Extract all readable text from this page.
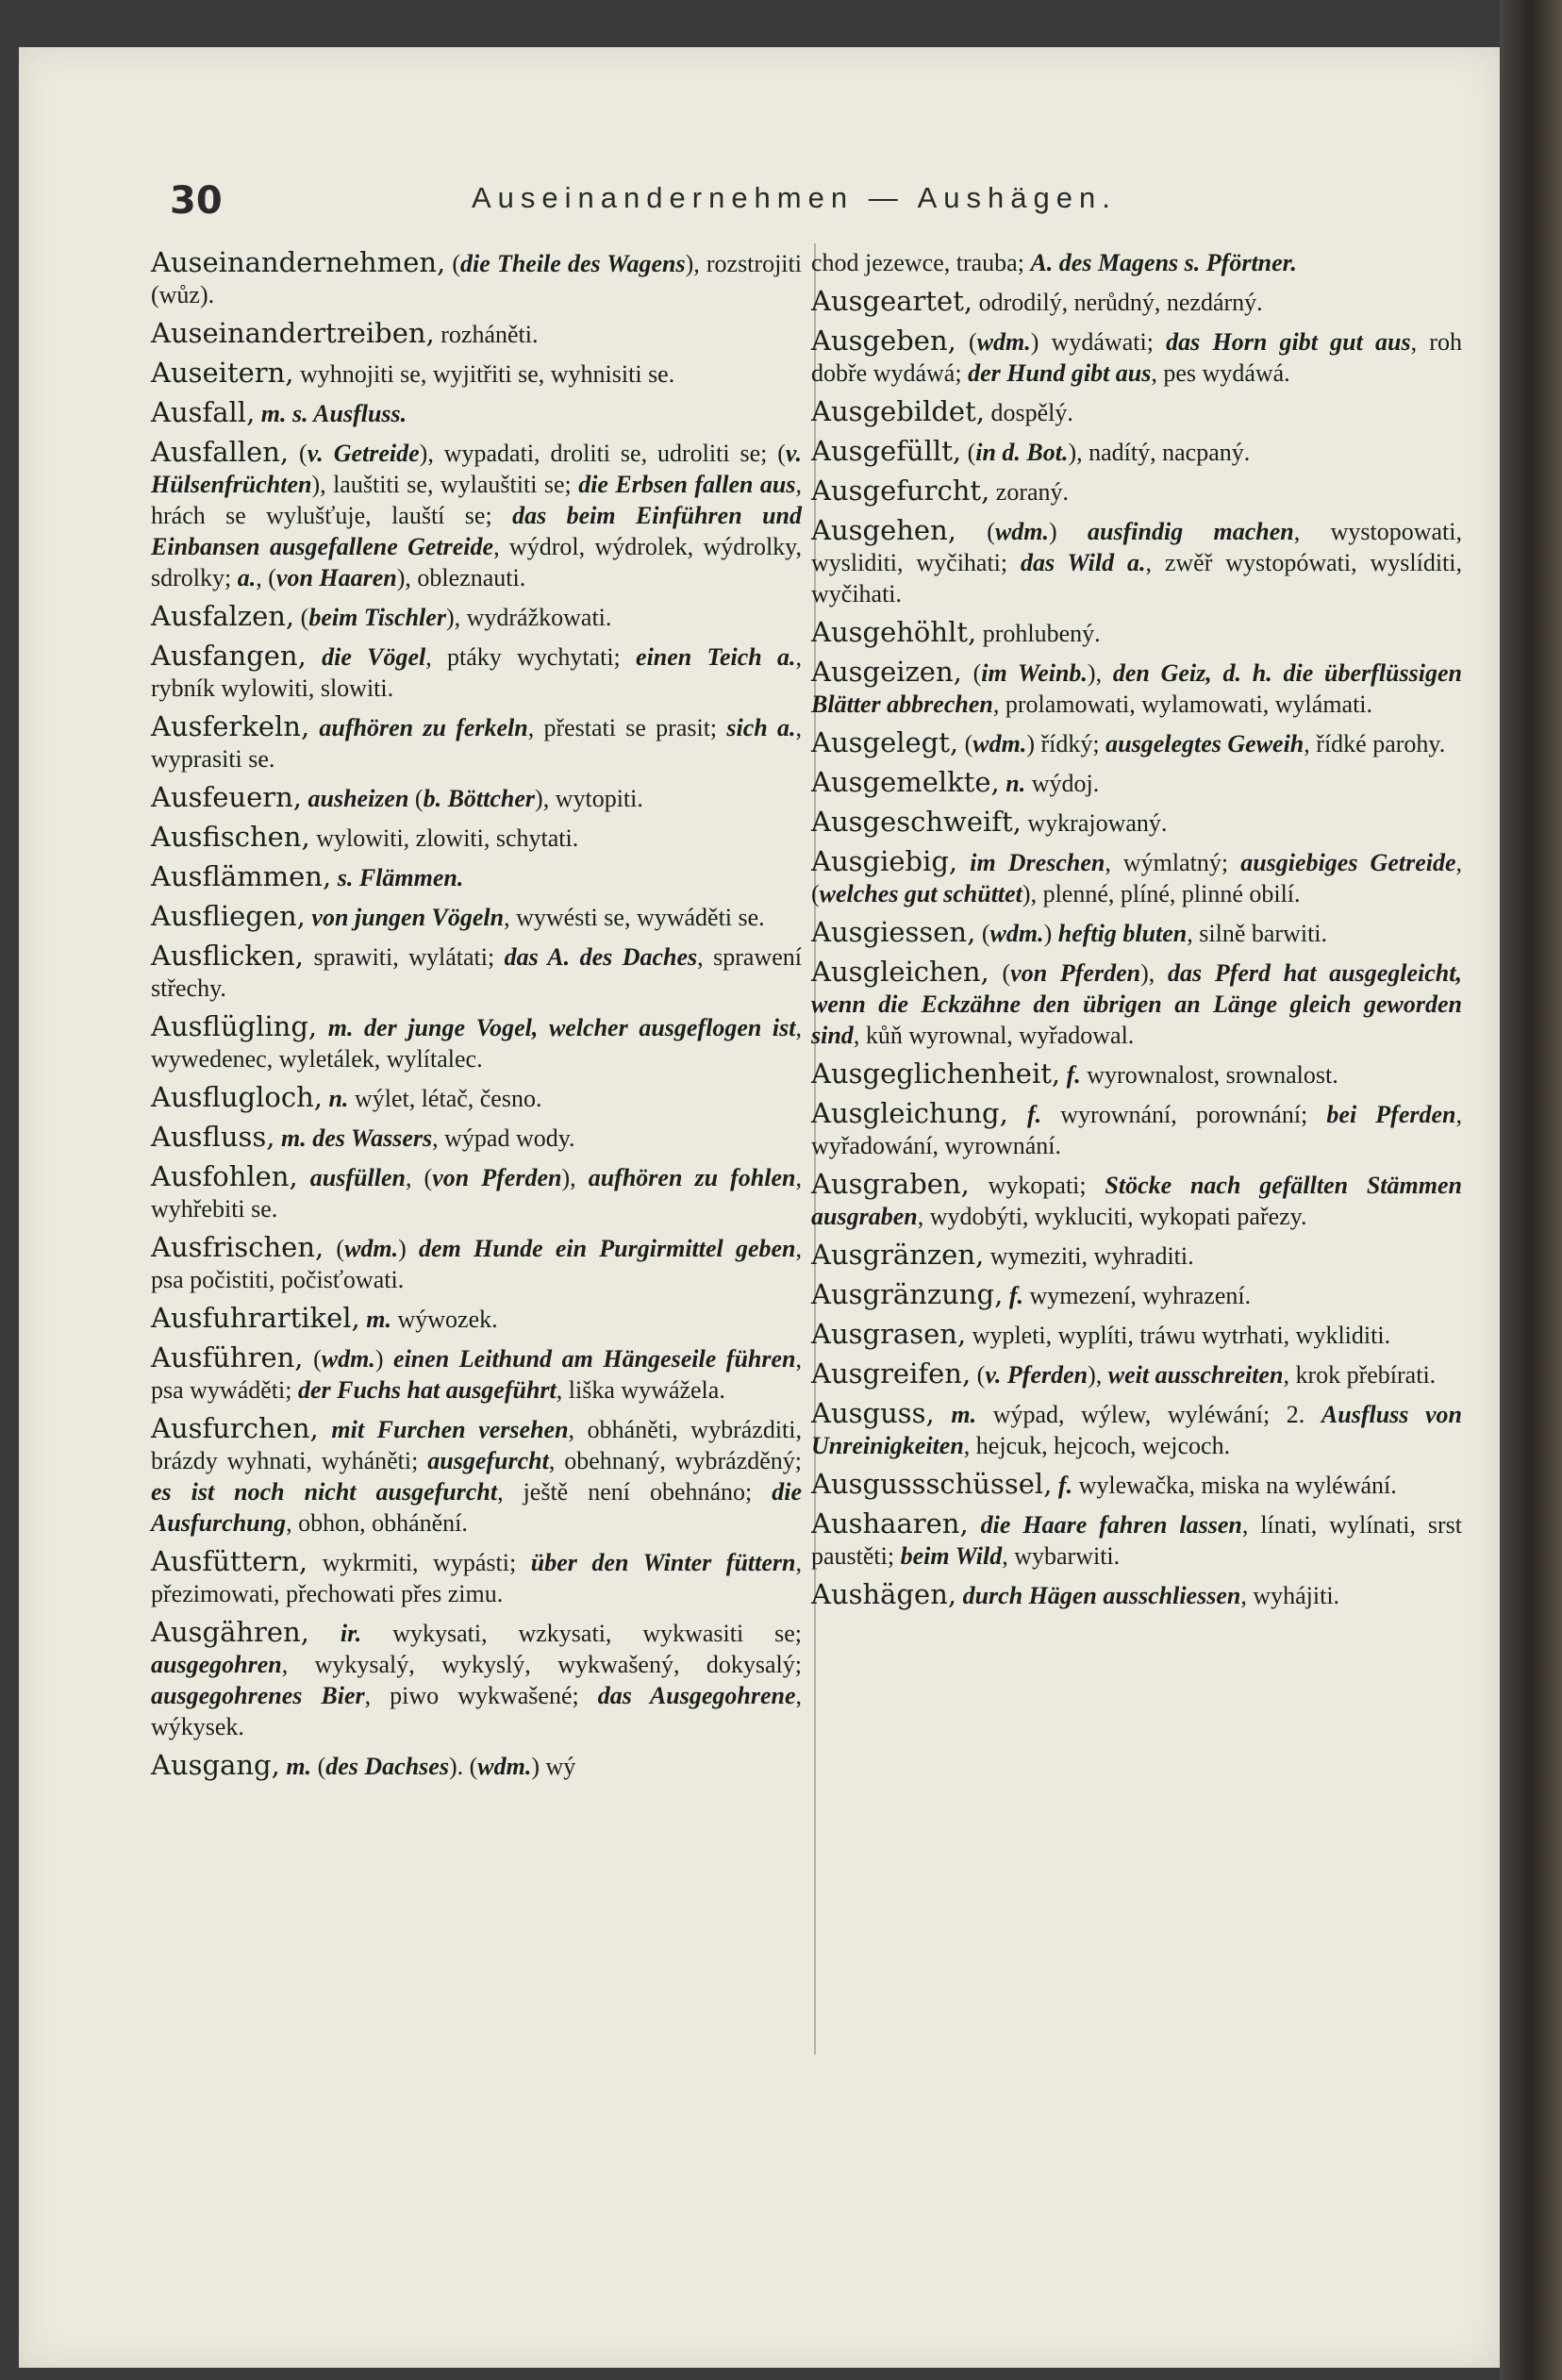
30	Auseinandernehmen — Aushägen.
Auseinandernehmen, (die Theile des Wagens), rozstrojiti (wůz).
Auseinandertreiben, rozháněti.
Auseitern, wyhnojiti se, wyjitřiti se, wyhnisiti se.
Ausfall, m. s. Ausfluss.
Ausfallen, (v. Getreide), wypadati, droliti se, udroliti se; (v. Hülsenfrüchten), lauštiti se, wylauštiti se; die Erbsen fallen aus, hrách se wylušťuje, lauští se; das beim Einführen und Einbansen ausgefallene Getreide, wýdrol, wýdrolek, wýdrolky, sdrolky; a., (von Haaren), obleznauti.
Ausfalzen, (beim Tischler), wydrážkowati.
Ausfangen, die Vögel, ptáky wychytati; einen Teich a., rybník wylowiti, slowiti.
Ausferkeln, aufhören zu ferkeln, přestati se prasit; sich a., wyprasiti se.
Ausfeuern, ausheizen (b. Böttcher), wytopiti.
Ausfischen, wylowiti, zlowiti, schytati.
Ausflämmen, s. Flämmen.
Ausfliegen, von jungen Vögeln, wywésti se, wywáděti se.
Ausflicken, sprawiti, wylátati; das A. des Daches, sprawení střechy.
Ausflügling, m. der junge Vogel, welcher ausgeflogen ist, wywedenec, wyletálek, wylítalec.
Ausflugloch, n. wýlet, létač, česno.
Ausfluss, m. des Wassers, wýpad wody.
Ausfohlen, ausfüllen, (von Pferden), aufhören zu fohlen, wyhřebiti se.
Ausfrischen, (wdm.) dem Hunde ein Purgirmittel geben, psa počistiti, počisťowati.
Ausfuhrartikel, m. wýwozek.
Ausführen, (wdm.) einen Leithund am Hängeseile führen, psa wywáděti; der Fuchs hat ausgeführt, liška wywážela.
Ausfurchen, mit Furchen versehen, obháněti, wybrázditi, brázdy wyhnati, wyháněti; ausgefurcht, obehnaný, wybrázděný; es ist noch nicht ausgefurcht, ještě není obehnáno; die Ausfurchung, obhon, obhánění.
Ausfüttern, wykrmiti, wypásti; über den Winter füttern, přezimowati, přechowati přes zimu.
Ausgähren, ir. wykysati, wzkysati, wykwasiti se; ausgegohren, wykysalý, wykyslý, wykwašený, dokysalý; ausgegohrenes Bier, piwo wykwašené; das Ausgegohrene, wýkysek.
Ausgang, m. (des Dachses). (wdm.) wý
chod jezewce, trauba; A. des Magens s. Pförtner.
Ausgeartet, odrodilý, nerůdný, nezdárný.
Ausgeben, (wdm.) wydáwati; das Horn gibt gut aus, roh dobře wydáwá; der Hund gibt aus, pes wydáwá.
Ausgebildet, dospělý.
Ausgefüllt, (in d. Bot.), nadítý, nacpaný.
Ausgefurcht, zoraný.
Ausgehen, (wdm.) ausfindig machen, wystopowati, wysliditi, wyčihati; das Wild a., zwěř wystopówati, wyslíditi, wyčihati.
Ausgehöhlt, prohlubený.
Ausgeizen, (im Weinb.), den Geiz, d. h. die überflüssigen Blätter abbrechen, prolamowati, wylamowati, wylámati.
Ausgelegt, (wdm.) řídký; ausgelegtes Geweih, řídké parohy.
Ausgemelkte, n. wýdoj.
Ausgeschweift, wykrajowaný.
Ausgiebig, im Dreschen, wýmlatný; ausgiebiges Getreide, (welches gut schüttet), plenné, plíné, plinné obilí.
Ausgiessen, (wdm.) heftig bluten, silně barwiti.
Ausgleichen, (von Pferden), das Pferd hat ausgegleicht, wenn die Eckzähne den übrigen an Länge gleich geworden sind, kůň wyrownal, wyřadowal.
Ausgeglichenheit, f. wyrownalost, srownalost.
Ausgleichung, f. wyrownání, porownání; bei Pferden, wyřadowání, wyrownání.
Ausgraben, wykopati; Stöcke nach gefällten Stämmen ausgraben, wydobýti, wykluciti, wykopati pařezy.
Ausgränzen, wymeziti, wyhraditi.
Ausgränzung, f. wymezení, wyhrazení.
Ausgrasen, wypleti, wyplíti, tráwu wytrhati, wykliditi.
Ausgreifen, (v. Pferden), weit ausschreiten, krok přebírati.
Ausguss, m. wýpad, wýlew, wyléwání; 2. Ausfluss von Unreinigkeiten, hejcuk, hejcoch, wejcoch.
Ausgussschüssel, f. wylewačka, miska na wyléwání.
Aushaaren, die Haare fahren lassen, línati, wylínati, srst paustěti; beim Wild, wybarwiti.
Aushägen, durch Hägen ausschliessen, wyhájiti.
